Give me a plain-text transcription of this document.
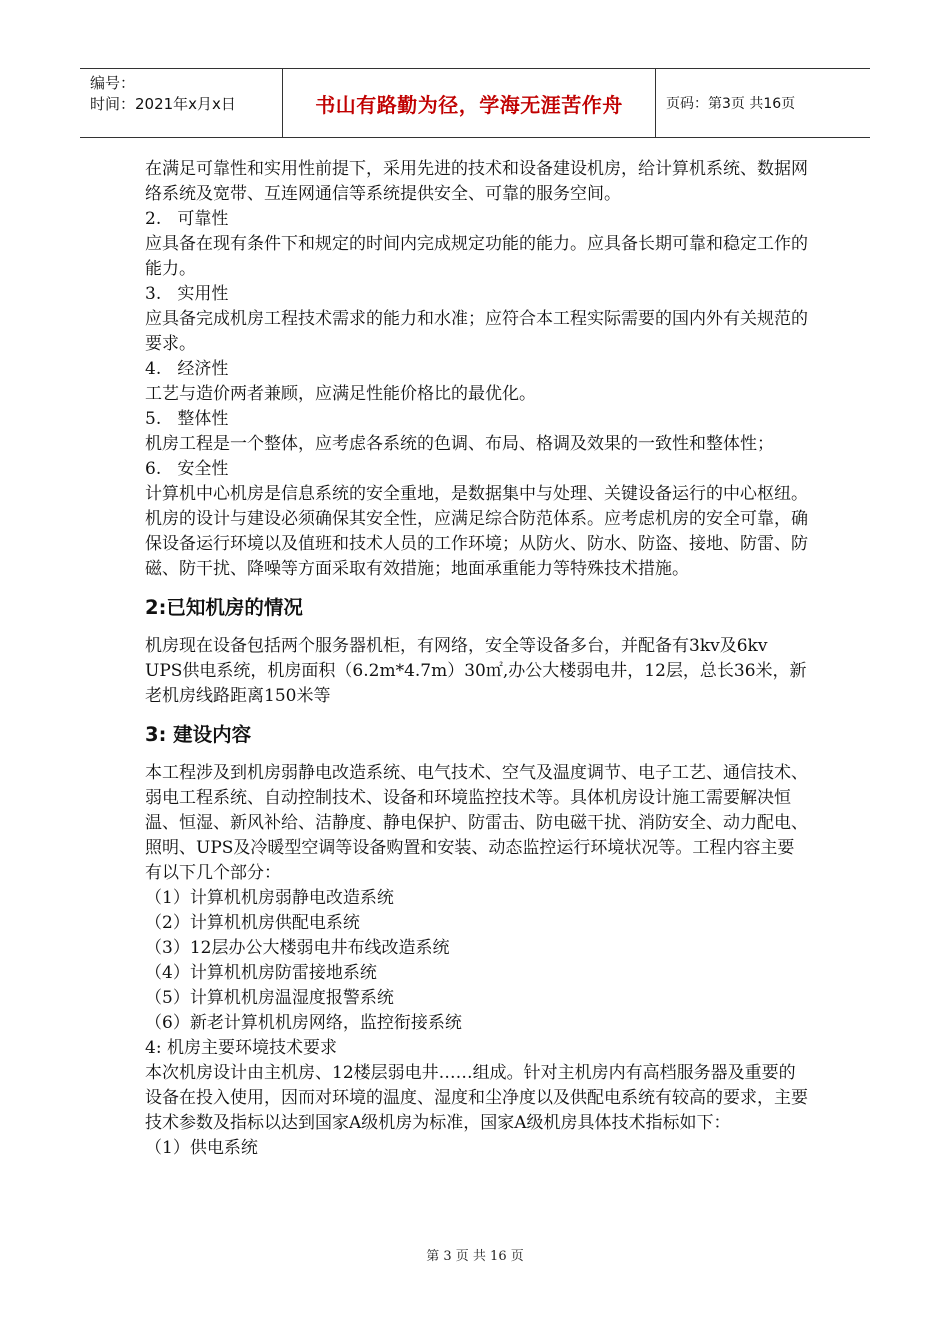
编号：
时间：2021年x月x日	书山有路勤为径，学海无涯苦作舟	页码：第3页 共16页

在满足可靠性和实用性前提下，采用先进的技术和设备建设机房，给计算机系统、数据网络系统及宽带、互连网通信等系统提供安全、可靠的服务空间。

2.   可靠性

应具备在现有条件下和规定的时间内完成规定功能的能力。应具备长期可靠和稳定工作的能力。

3.   实用性

应具备完成机房工程技术需求的能力和水准；应符合本工程实际需要的国内外有关规范的要求。

4.   经济性

工艺与造价两者兼顾，应满足性能价格比的最优化。

5.   整体性

机房工程是一个整体，应考虑各系统的色调、布局、格调及效果的一致性和整体性；

6.   安全性

计算机中心机房是信息系统的安全重地，是数据集中与处理、关键设备运行的中心枢纽。机房的设计与建设必须确保其安全性，应满足综合防范体系。应考虑机房的安全可靠，确保设备运行环境以及值班和技术人员的工作环境；从防火、防水、防盗、接地、防雷、防磁、防干扰、降噪等方面采取有效措施；地面承重能力等特殊技术措施。

2:已知机房的情况

机房现在设备包括两个服务器机柜，有网络，安全等设备多台，并配备有3kv及6kv UPS供电系统，机房面积（6.2m*4.7m）30㎡,办公大楼弱电井，12层，总长36米，新老机房线路距离150米等

3: 建设内容

本工程涉及到机房弱静电改造系统、电气技术、空气及温度调节、电子工艺、通信技术、弱电工程系统、自动控制技术、设备和环境监控技术等。具体机房设计施工需要解决恒温、恒湿、新风补给、洁静度、静电保护、防雷击、防电磁干扰、消防安全、动力配电、照明、UPS及冷暖型空调等设备购置和安装、动态监控运行环境状况等。工程内容主要有以下几个部分：

（1）计算机机房弱静电改造系统

（2）计算机机房供配电系统

（3）12层办公大楼弱电井布线改造系统

（4）计算机机房防雷接地系统

（5）计算机机房温湿度报警系统

（6）新老计算机机房网络，监控衔接系统

4: 机房主要环境技术要求

本次机房设计由主机房、12楼层弱电井……组成。针对主机房内有高档服务器及重要的设备在投入使用，因而对环境的温度、湿度和尘净度以及供配电系统有较高的要求，主要技术参数及指标以达到国家A级机房为标准，国家A级机房具体技术指标如下：

（1）供电系统

第 3 页 共 16 页
